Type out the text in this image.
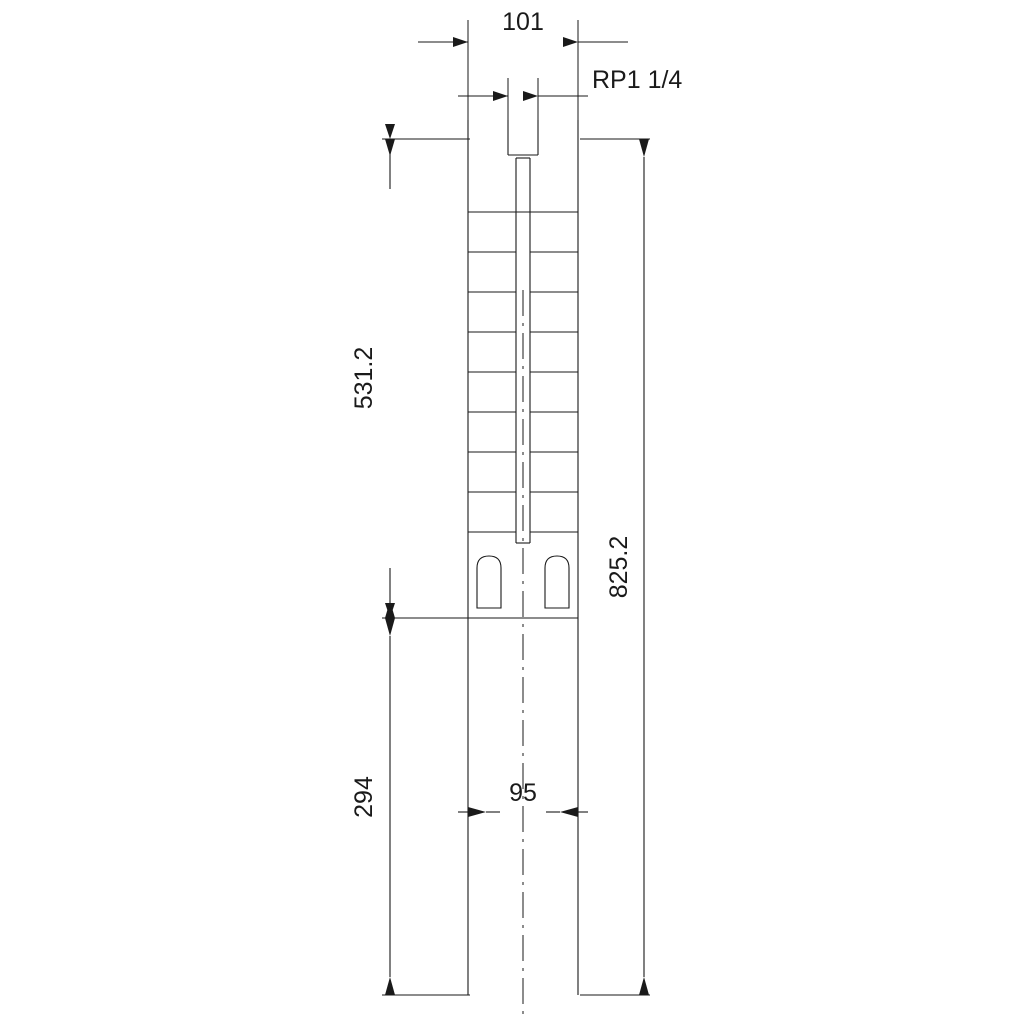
101
RP1 1/4
531.2
294
825.2
95
